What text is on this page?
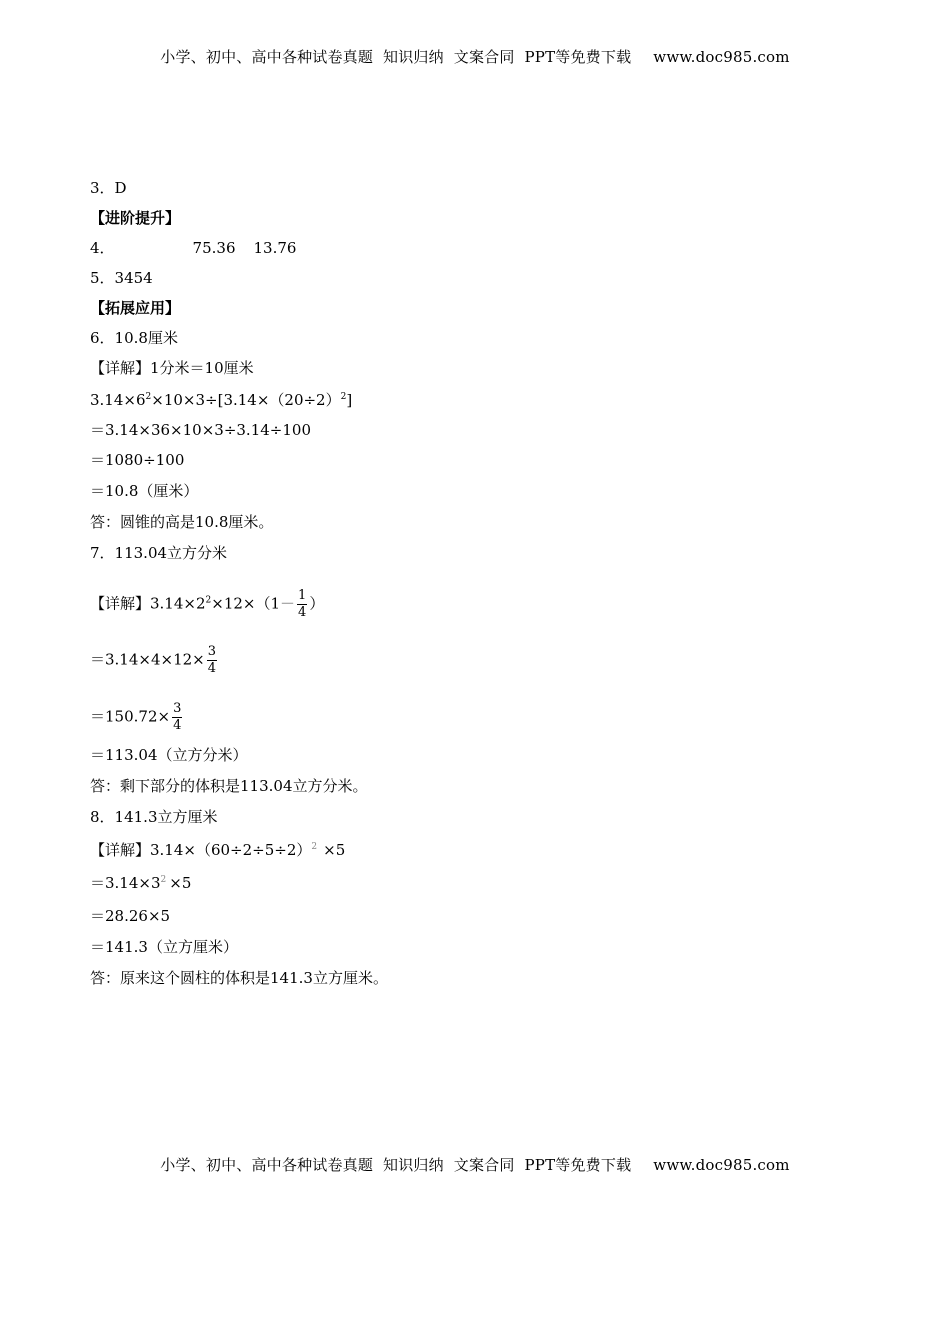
小学、初中、高中各种试卷真题  知识归纳  文案合同  PPT等免费下载 www.doc985.com
3．D
【进阶提升】
4．	75.36 13.76
5．3454
【拓展应用】
6．10.8厘米
【详解】1分米＝10厘米
$3.14\times 6^2\times 10\times 3\div[3.14\times(20\div 2)^2]$
＝3.14×36×10×3÷3.14÷100
＝1080÷100
＝10.8（厘米）
答：圆锥的高是10.8厘米。
7．113.04立方分米
【详解】$3.14\times 2^2\times 12\times(1- \frac{1}{4}$ ）
$=3.14\times 4\times 12\times \frac{3}{4}$
$=150.72\times \frac{3}{4}$
＝113.04（立方分米）
答：剩下部分的体积是113.04立方分米。
8．141.3立方厘米
【详解】$3.14\times(60\div 2\div 5\div 2)^2 \times 5$
$=3.14\times 3^2 \times 5$
＝28.26×5
＝141.3（立方厘米）
答：原来这个圆柱的体积是141.3立方厘米。
小学、初中、高中各种试卷真题  知识归纳  文案合同  PPT等免费下载 www.doc985.com
